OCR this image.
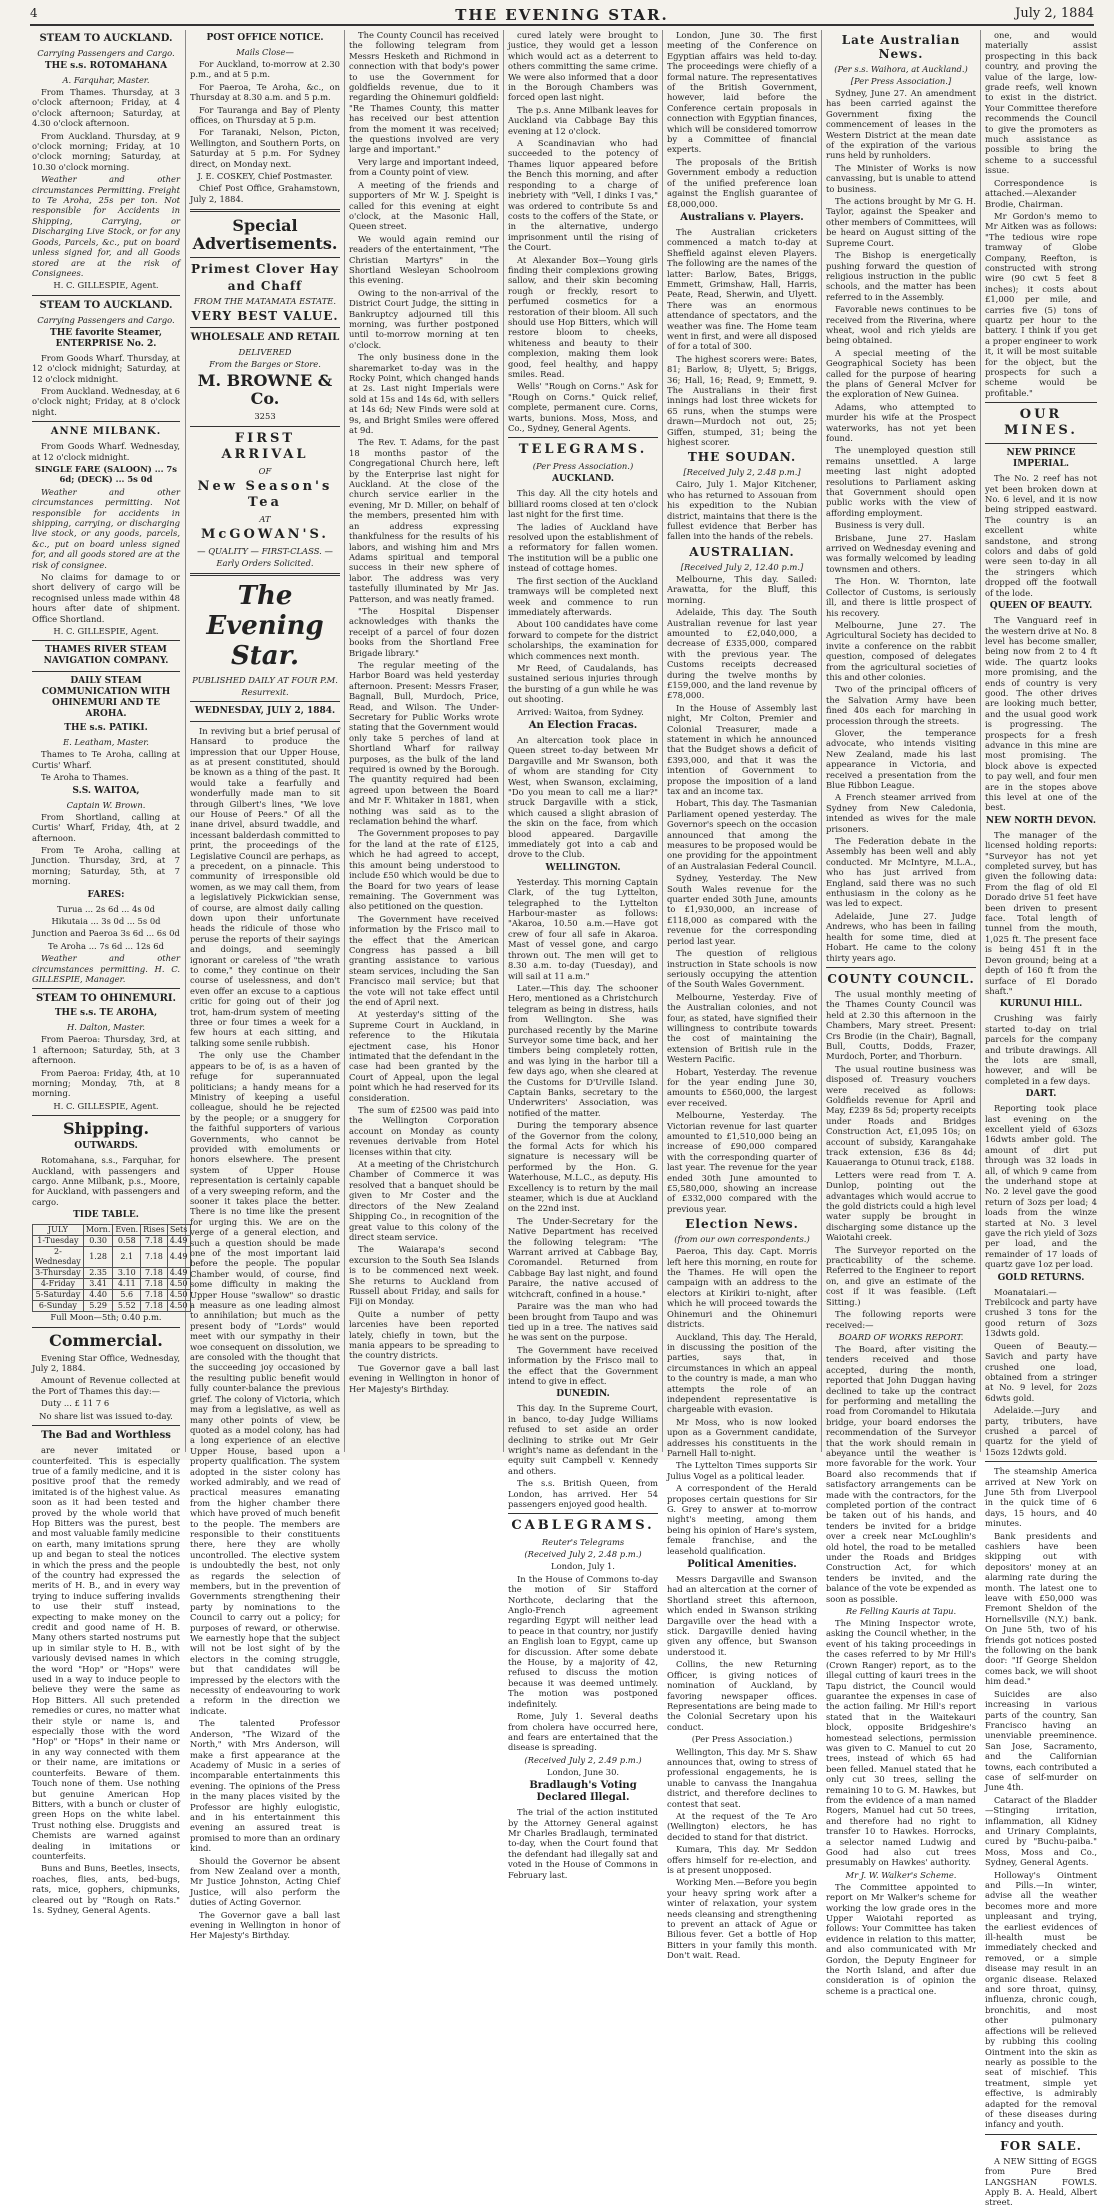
4	THE EVENING STAR.	July 2, 1884
STEAM TO AUCKLAND.
Carrying Passengers and Cargo.
THE s.s. ROTOMAHANA
A. Farquhar, Master.

From Thames. Thursday, at 3 o'clock afternoon; Friday, at 4 o'clock afternoon; Saturday, at 4.30 o'clock afternoon.

From Auckland. Thursday, at 9 o'clock morning; Friday, at 10 o'clock morning; Saturday, at 10.30 o'clock morning.

Weather and other circumstances Permitting. Freight to Te Aroha, 25s per ton. Not responsible for Accidents in Shipping, Carrying, or Discharging Live Stock, or for any Goods, Parcels, &c., put on board unless signed for, and all Goods stored are at the risk of Consignees.

H. C. GILLESPIE, Agent.

STEAM TO AUCKLAND.
Carrying Passengers and Cargo.
THE favorite Steamer, ENTERPRISE No. 2.

From Goods Wharf. Thursday, at 12 o'clock midnight; Saturday, at 12 o'clock midnight.

From Auckland. Wednesday, at 6 o'clock night; Friday, at 8 o'clock night.

ANNE MILBANK.

From Goods Wharf. Wednesday, at 12 o'clock midnight.

SINGLE FARE (SALOON) ... 7s 6d; (DECK) ... 5s 0d

Weather and other circumstances permitting. Not responsible for accidents in shipping, carrying, or discharging live stock, or any goods, parcels, &c., put on board unless signed for, and all goods stored are at the risk of consignee.

No claims for damage to or short delivery of cargo will be recognised unless made within 48 hours after date of shipment. Office Shortland.

H. C. GILLESPIE, Agent.

THAMES RIVER STEAM NAVIGATION COMPANY.
DAILY STEAM COMMUNICATION WITH OHINEMURI AND TE AROHA.
THE s.s. PATIKI.
E. Leatham, Master.

Thames to Te Aroha, calling at Curtis' Wharf.

Te Aroha to Thames.

S.S. WAITOA,
Captain W. Brown.

From Shortland, calling at Curtis' Wharf, Friday, 4th, at 2 afternoon.

From Te Aroha, calling at Junction. Thursday, 3rd, at 7 morning; Saturday, 5th, at 7 morning.

FARES:

Turua ... 2s 6d ... 4s 0d

Hikutaia ... 3s 0d ... 5s 0d

Junction and Paeroa 3s 6d ... 6s 0d

Te Aroha ... 7s 6d ... 12s 6d

Weather and other circumstances permitting. H. C. GILLESPIE, Manager.

STEAM TO OHINEMURI.
THE s.s. TE AROHA,
H. Dalton, Master.

From Paeroa: Thursday, 3rd, at 1 afternoon; Saturday, 5th, at 3 afternoon.

From Paeroa: Friday, 4th, at 10 morning; Monday, 7th, at 8 morning.

H. C. GILLESPIE, Agent.

Shipping.
OUTWARDS.

Rotomahana, s.s., Farquhar, for Auckland, with passengers and cargo. Anne Milbank, p.s., Moore, for Auckland, with passengers and cargo.

TIDE TABLE.
JULY	Morn.	Even.	Rises	Sets
1-Tuesday	0.30	0.58	7.18	4.49
2-Wednesday	1.28	2.1	7.18	4.49
3-Thursday	2.35	3.10	7.18	4.49
4-Friday	3.41	4.11	7.18	4.50
5-Saturday	4.40	5.6	7.18	4.50
6-Sunday	5.29	5.52	7.18	4.50

Full Moon—5th; 0.40 p.m.

Commercial.

Evening Star Office, Wednesday, July 2, 1884.

Amount of Revenue collected at the Port of Thames this day:—

Duty ... £ 11 7 6

No share list was issued to-day.

The Bad and Worthless

are never imitated or counterfeited. This is especially true of a family medicine, and it is positive proof that the remedy imitated is of the highest value. As soon as it had been tested and proved by the whole world that Hop Bitters was the purest, best and most valuable family medicine on earth, many imitations sprung up and began to steal the notices in which the press and the people of the country had expressed the merits of H. B., and in every way trying to induce suffering invalids to use their stuff instead, expecting to make money on the credit and good name of H. B. Many others started nostrums put up in similar style to H. B., with variously devised names in which the word "Hop" or "Hops" were used in a way to induce people to believe they were the same as Hop Bitters. All such pretended remedies or cures, no matter what their style or name is, and especially those with the word "Hop" or "Hops" in their name or in any way connected with them or their name, are imitations or counterfeits. Beware of them. Touch none of them. Use nothing but genuine American Hop Bitters, with a bunch or cluster of green Hops on the white label. Trust nothing else. Druggists and Chemists are warned against dealing in imitations or counterfeits.

Buns and Buns, Beetles, insects, roaches, flies, ants, bed-bugs, rats, mice, gophers, chipmunks, cleared out by "Rough on Rats." 1s. Sydney, General Agents.

POST OFFICE NOTICE.
Mails Close—

For Auckland, to-morrow at 2.30 p.m., and at 5 p.m.

For Paeroa, Te Aroha, &c., on Thursday at 8.30 a.m. and 5 p.m.

For Tauranga and Bay of Plenty offices, on Thursday at 5 p.m.

For Taranaki, Nelson, Picton, Wellington, and Southern Ports, on Saturday at 5 p.m. For Sydney direct, on Monday next.

J. E. COSKEY, Chief Postmaster.

Chief Post Office, Grahamstown, July 2, 1884.

Special Advertisements.
Primest Clover Hay
and Chaff
FROM THE MATAMATA ESTATE.
VERY BEST VALUE.
WHOLESALE AND RETAIL
DELIVERED
From the Barges or Store.
M. BROWNE & Co.

3253

FIRST ARRIVAL
OF
New Season's Tea
AT
McGOWAN'S.
— QUALITY — FIRST-CLASS. —
Early Orders Solicited.
The Evening Star.
PUBLISHED DAILY AT FOUR P.M.
Resurrexit.
WEDNESDAY, JULY 2, 1884.

In reviving but a brief perusal of Hansard to produce the impression that our Upper House, as at present constituted, should be known as a thing of the past. It would take a fearfully and wonderfully made man to sit through Gilbert's lines, "We love our House of Peers." Of all the inane drivel, absurd twaddle, and incessant balderdash committed to print, the proceedings of the Legislative Council are perhaps, as a precedent, on a pinnacle. This community of irresponsible old women, as we may call them, from a legislatively Pickwickian sense, of course, are almost daily calling down upon their unfortunate heads the ridicule of those who peruse the reports of their sayings and doings, and seemingly ignorant or careless of "the wrath to come," they continue on their course of uselessness, and don't even offer an excuse to a captious critic for going out of their jog trot, ham-drum system of meeting three or four times a week for a few hours at each sitting, and talking some senile rubbish.

The only use the Chamber appears to be of, is as a haven of refuge for superannuated politicians; a handy means for a Ministry of keeping a useful colleague, should he be rejected by the people; or a snuggery for the faithful supporters of various Governments, who cannot be provided with emoluments or honors elsewhere. The present system of Upper House representation is certainly capable of a very sweeping reform, and the sooner it takes place the better. There is no time like the present for urging this. We are on the verge of a general election, and such a question should be made one of the most important laid before the people. The popular Chamber would, of course, find some difficulty in making the Upper House "swallow" so drastic a measure as one leading almost to annihilation; but much as the present body of "Lords" would meet with our sympathy in their woe consequent on dissolution, we are consoled with the thought that the succeeding joy occasioned by the resulting public benefit would fully counter-balance the previous grief. The colony of Victoria, which may from a legislative, as well as many other points of view, be quoted as a model colony, has had a long experience of an elective Upper House, based upon a property qualification. The system adopted in the sister colony has worked admirably, and we read of practical measures emanating from the higher chamber there which have proved of much benefit to the people. The members are responsible to their constituents there, here they are wholly uncontrolled. The elective system is undoubtedly the best, not only as regards the selection of members, but in the prevention of Governments strengthening their party by nominations to the Council to carry out a policy; for purposes of reward, or otherwise. We earnestly hope that the subject will not be lost sight of by the electors in the coming struggle, but that candidates will be impressed by the electors with the necessity of endeavouring to work a reform in the direction we indicate.

The talented Professor Anderson, "The Wizard of the North," with Mrs Anderson, will make a first appearance at the Academy of Music in a series of incomparable entertainments this evening. The opinions of the Press in the many places visited by the Professor are highly eulogistic, and in his entertainment this evening an assured treat is promised to more than an ordinary kind.

Should the Governor be absent from New Zealand over a month, Mr Justice Johnston, Acting Chief Justice, will also perform the duties of Acting Governor.

The Governor gave a ball last evening in Wellington in honor of Her Majesty's Birthday.

The County Council has received the following telegram from Messrs Hesketh and Richmond in connection with that body's power to use the Government for goldfields revenue, due to it regarding the Ohinemuri goldfield: "Re Thames County, this matter has received our best attention from the moment it was received; the questions involved are very large and important."

Very large and important indeed, from a County point of view.

A meeting of the friends and supporters of Mr W. J. Speight is called for this evening at eight o'clock, at the Masonic Hall, Queen street.

We would again remind our readers of the entertainment, "The Christian Martyrs" in the Shortland Wesleyan Schoolroom this evening.

Owing to the non-arrival of the District Court Judge, the sitting in Bankruptcy adjourned till this morning, was further postponed until to-morrow morning at ten o'clock.

The only business done in the sharemarket to-day was in the Rocky Point, which changed hands at 2s. Last night Imperials were sold at 15s and 14s 6d, with sellers at 14s 6d; New Finds were sold at 9s, and Bright Smiles were offered at 9d.

The Rev. T. Adams, for the past 18 months pastor of the Congregational Church here, left by the Enterprise last night for Auckland. At the close of the church service earlier in the evening, Mr D. Miller, on behalf of the members, presented him with an address expressing thankfulness for the results of his labors, and wishing him and Mrs Adams spiritual and temporal success in their new sphere of labor. The address was very tastefully illuminated by Mr Jas. Patterson, and was neatly framed.

"The Hospital Dispenser acknowledges with thanks the receipt of a parcel of four dozen books from the Shortland Free Brigade library."

The regular meeting of the Harbor Board was held yesterday afternoon. Present: Messrs Fraser, Bagnall, Bull, Murdoch, Price, Read, and Wilson. The Under-Secretary for Public Works wrote stating that the Government would only take 5 perches of land at Shortland Wharf for railway purposes, as the bulk of the land required is owned by the Borough. The quantity required had been agreed upon between the Board and Mr F. Whitaker in 1881, when nothing was said as to the reclamation behind the wharf.

The Government proposes to pay for the land at the rate of £125, which he had agreed to accept, this amount being understood to include £50 which would be due to the Board for two years of lease remaining. The Government was also petitioned on the question.

The Government have received information by the Frisco mail to the effect that the American Congress has passed a bill granting assistance to various steam services, including the San Francisco mail service; but that the vote will not take effect until the end of April next.

At yesterday's sitting of the Supreme Court in Auckland, in reference to the Hikutaia ejectment case, his Honor intimated that the defendant in the case had been granted by the Court of Appeal, upon the legal point which he had reserved for its consideration.

The sum of £2500 was paid into the Wellington Corporation account on Monday as county revenues derivable from Hotel licenses within that city.

At a meeting of the Christchurch Chamber of Commerce it was resolved that a banquet should be given to Mr Coster and the directors of the New Zealand Shipping Co., in recognition of the great value to this colony of the direct steam service.

The Waiarapa's second excursion to the South Sea Islands is to be commenced next week. She returns to Auckland from Russell about Friday, and sails for Fiji on Monday.

Quite a number of petty larcenies have been reported lately, chiefly in town, but the mania appears to be spreading to the country districts.

Tue Governor gave a ball last evening in Wellington in honor of Her Majesty's Birthday.

cured lately were brought to justice, they would get a lesson which would act as a deterrent to others committing the same crime. We were also informed that a door in the Borough Chambers was forced open last night.

The p.s. Anne Milbank leaves for Auckland via Cabbage Bay this evening at 12 o'clock.

A Scandinavian who had succeeded to the potency of Thames liquor appeared before the Bench this morning, and after responding to a charge of inebriety with "Vell, I dinks I vas," was ordered to contribute 5s and costs to the coffers of the State, or in the alternative, undergo imprisonment until the rising of the Court.

At Alexander Box—Young girls finding their complexions growing sallow, and their skin becoming rough or freckly, resort to perfumed cosmetics for a restoration of their bloom. All such should use Hop Bitters, which will restore bloom to cheeks, whiteness and beauty to their complexion, making them look good, feel healthy, and happy smiles. Read.

Wells' "Rough on Corns." Ask for "Rough on Corns." Quick relief, complete, permanent cure. Corns, warts, bunions. Moss, Moss, and Co., Sydney, General Agents.

TELEGRAMS.
(Per Press Association.)
AUCKLAND.

This day. All the city hotels and billiard rooms closed at ten o'clock last night for the first time.

The ladies of Auckland have resolved upon the establishment of a reformatory for fallen women. The institution will be a public one instead of cottage homes.

The first section of the Auckland tramways will be completed next week and commence to run immediately afterwards.

About 100 candidates have come forward to compete for the district scholarships, the examination for which commences next month.

Mr Reed, of Caudalands, has sustained serious injuries through the bursting of a gun while he was out shooting.

Arrived: Waitoa, from Sydney.

An Election Fracas.

An altercation took place in Queen street to-day between Mr Dargaville and Mr Swanson, both of whom are standing for City West, when Swanson, exclaiming, "Do you mean to call me a liar?" struck Dargaville with a stick, which caused a slight abrasion of the skin on the face, from which blood appeared. Dargaville immediately got into a cab and drove to the Club.

WELLINGTON.

Yesterday. This morning Captain Clark, of the tug Lyttelton, telegraphed to the Lyttelton Harbour-master as follows: "Akaroa, 10.50 a.m.—Have got crew of four all safe in Akaroa. Mast of vessel gone, and cargo thrown out. The men will get to 8.30 a.m. to-day (Tuesday), and will sail at 11 a.m."

Later.—This day. The schooner Hero, mentioned as a Christchurch telegram as being in distress, hails from Wellington. She was purchased recently by the Marine Surveyor some time back, and her timbers being completely rotten, and was lying in the harbor till a few days ago, when she cleared at the Customs for D'Urville Island. Captain Banks, secretary to the Underwriters' Association, was notified of the matter.

During the temporary absence of the Governor from the colony, the formal Acts for which his signature is necessary will be performed by the Hon. G. Waterhouse, M.L.C., as deputy. His Excellency is to return by the mail steamer, which is due at Auckland on the 22nd inst.

The Under-Secretary for the Native Department has received the following telegram: "The Warrant arrived at Cabbage Bay, Coromandel. Returned from Cabbage Bay last night, and found Paraire, the native accused of witchcraft, confined in a house."

Paraire was the man who had been brought from Taupo and was tied up in a tree. The natives said he was sent on the purpose.

The Government have received information by the Frisco mail to the effect that the Government intend to give in effect.

DUNEDIN.

This day. In the Supreme Court, in banco, to-day Judge Williams refused to set aside an order declining to strike out Mr Geir wright's name as defendant in the equity suit Campbell v. Kennedy and others.

The s.s. British Queen, from London, has arrived. Her 54 passengers enjoyed good health.

CABLEGRAMS.
Reuter's Telegrams
(Received July 2, 2.48 p.m.)

London, July 1.

In the House of Commons to-day the motion of Sir Stafford Northcote, declaring that the Anglo-French agreement regarding Egypt will neither lead to peace in that country, nor justify an English loan to Egypt, came up for discussion. After some debate the House, by a majority of 42, refused to discuss the motion because it was deemed untimely. The motion was postponed indefinitely.

Rome, July 1. Several deaths from cholera have occurred here, and fears are entertained that the disease is spreading.

(Received July 2, 2.49 p.m.)

London, June 30.

Bradlaugh's Voting Declared Illegal.

The trial of the action instituted by the Attorney General against Mr Charles Bradlaugh, terminated to-day, when the Court found that the defendant had illegally sat and voted in the House of Commons in February last.

London, June 30. The first meeting of the Conference on Egyptian affairs was held to-day. The proceedings were chiefly of a formal nature. The representatives of the British Government, however, laid before the Conference certain proposals in connection with Egyptian finances, which will be considered tomorrow by a Committee of financial experts.

The proposals of the British Government embody a reduction of the unified preference loan against the English guarantee of £8,000,000.

Australians v. Players.

The Australian cricketers commenced a match to-day at Sheffield against eleven Players. The following are the names of the latter: Barlow, Bates, Briggs, Emmett, Grimshaw, Hall, Harris, Peate, Read, Sherwin, and Ulyett. There was an enormous attendance of spectators, and the weather was fine. The Home team went in first, and were all disposed of for a total of 300.

The highest scorers were: Bates, 81; Barlow, 8; Ulyett, 5; Briggs, 36; Hall, 16; Read, 9; Emmett, 9. The Australians in their first innings had lost three wickets for 65 runs, when the stumps were drawn—Murdoch not out, 25; Giffen, stumped, 31; being the highest scorer.

THE SOUDAN.
[Received July 2, 2.48 p.m.]

Cairo, July 1. Major Kitchener, who has returned to Assouan from his expedition to the Nubian district, maintains that there is the fullest evidence that Berber has fallen into the hands of the rebels.

AUSTRALIAN.
[Received July 2, 12.40 p.m.]

Melbourne, This day. Sailed: Arawatta, for the Bluff, this morning.

Adelaide, This day. The South Australian revenue for last year amounted to £2,040,000, a decrease of £335,000, compared with the previous year. The Customs receipts decreased during the twelve months by £159,000, and the land revenue by £78,000.

In the House of Assembly last night, Mr Colton, Premier and Colonial Treasurer, made a statement in which he announced that the Budget shows a deficit of £393,000, and that it was the intention of Government to propose the imposition of a land tax and an income tax.

Hobart, This day. The Tasmanian Parliament opened yesterday. The Governor's speech on the occasion announced that among the measures to be proposed would be one providing for the appointment of an Australasian Federal Council.

Sydney, Yesterday. The New South Wales revenue for the quarter ended 30th June, amounts to £1,930,000, an increase of £118,000 as compared with the revenue for the corresponding period last year.

The question of religious instruction in State schools is now seriously occupying the attention of the South Wales Government.

Melbourne, Yesterday. Five of the Australian colonies, and not four, as stated, have signified their willingness to contribute towards the cost of maintaining the extension of British rule in the Western Pacific.

Hobart, Yesterday. The revenue for the year ending June 30, amounts to £560,000, the largest ever received.

Melbourne, Yesterday. The Victorian revenue for last quarter amounted to £1,510,000 being an increase of £90,000 compared with the corresponding quarter of last year. The revenue for the year ended 30th June amounted to £5,580,000, showing an increase of £332,000 compared with the previous year.

Election News.
(from our own correspondents.)

Paeroa, This day. Capt. Morris left here this morning, en route for the Thames. He will open the campaign with an address to the electors at Kirikiri to-night, after which he will proceed towards the Ohinemuri and the Ohinemuri districts.

Auckland, This day. The Herald, in discussing the position of the parties, says that, in circumstances in which an appeal to the country is made, a man who attempts the role of an independent representative is chargeable with evasion.

Mr Moss, who is now looked upon as a Government candidate, addresses his constituents in the Parnell Hall to-night.

The Lyttelton Times supports Sir Julius Vogel as a political leader.

A correspondent of the Herald proposes certain questions for Sir G. Grey to answer at to-morrow night's meeting, among them being his opinion of Hare's system, female franchise, and the leasehold qualification.

Political Amenities.

Messrs Dargaville and Swanson had an altercation at the corner of Shortland street this afternoon, which ended in Swanson striking Dargaville over the head with a stick. Dargaville denied having given any offence, but Swanson understood it.

Collins, the new Returning Officer, is giving notices of nomination of Auckland, by favoring newspaper offices. Representations are being made to the Colonial Secretary upon his conduct.

(Per Press Association.)

Wellington, This day. Mr S. Shaw announces that, owing to stress of professional engagements, he is unable to canvass the Inangahua district, and therefore declines to contest that seat.

At the request of the Te Aro (Wellington) electors, he has decided to stand for that district.

Kumara, This day. Mr Seddon offers himself for re-election, and is at present unopposed.

Working Men.—Before you begin your heavy spring work after a winter of relaxation, your system needs cleansing and strengthening to prevent an attack of Ague or Bilious fever. Get a bottle of Hop Bitters in your family this month. Don't wait. Read.

Late Australian News.
(Per s.s. Waihora, at Auckland.)
[Per Press Association.]

Sydney, June 27. An amendment has been carried against the Government fixing the commencement of leases in the Western District at the mean date of the expiration of the various runs held by runholders.

The Minister of Works is now canvassing, but is unable to attend to business.

The actions brought by Mr G. H. Taylor, against the Speaker and other members of Committees, will be heard on August sitting of the Supreme Court.

The Bishop is energetically pushing forward the question of religious instruction in the public schools, and the matter has been referred to in the Assembly.

Favorable news continues to be received from the Riverina, where wheat, wool and rich yields are being obtained.

A special meeting of the Geographical Society has been called for the purpose of hearing the plans of General McIver for the exploration of New Guinea.

Adams, who attempted to murder his wife at the Prospect waterworks, has not yet been found.

The unemployed question still remains unsettled. A large meeting last night adopted resolutions to Parliament asking that Government should open public works with the view of affording employment.

Business is very dull.

Brisbane, June 27. Haslam arrived on Wednesday evening and was formally welcomed by leading townsmen and others.

The Hon. W. Thornton, late Collector of Customs, is seriously ill, and there is little prospect of his recovery.

Melbourne, June 27. The Agricultural Society has decided to invite a conference on the rabbit question, composed of delegates from the agricultural societies of this and other colonies.

Two of the principal officers of the Salvation Army have been fined 40s each for marching in procession through the streets.

Glover, the temperance advocate, who intends visiting New Zealand, made his last appearance in Victoria, and received a presentation from the Blue Ribbon League.

A French steamer arrived from Sydney from New Caledonia, intended as wives for the male prisoners.

The Federation debate in the Assembly has been well and ably conducted. Mr McIntyre, M.L.A., who has just arrived from England, said there was no such enthusiasm in the colony as he was led to expect.

Adelaide, June 27. Judge Andrews, who has been in failing health for some time, died at Hobart. He came to the colony thirty years ago.

COUNTY COUNCIL.

The usual monthly meeting of the Thames County Council was held at 2.30 this afternoon in the Chambers, Mary street. Present: Crs Brodie (in the Chair), Bagnall, Bull, Coutts, Dodds, Frazer, Murdoch, Porter, and Thorburn.

The usual routine business was disposed of. Treasury vouchers were received as follows: Goldfields revenue for April and May, £239 8s 5d; property receipts under Roads and Bridges Construction Act, £1,095 10s; on account of subsidy, Karangahake track extension, £36 8s 4d; Kauaeranga to Otunui track, £188.

Letters were read from T. A. Dunlop, pointing out the advantages which would accrue to the gold districts could a high level water supply be brought in discharging some distance up the Waiotahi creek.

The Surveyor reported on the practicability of the scheme. Referred to the Engineer to report on, and give an estimate of the cost if it was feasible. (Left Sitting.)

The following reports were received:—

BOARD OF WORKS REPORT.

The Board, after visiting the tenders received and those accepted, during the month, reported that John Duggan having declined to take up the contract for performing and metalling the road from Coromandel to Hikutaia bridge, your board endorses the recommendation of the Surveyor that the work should remain in abeyance until the weather is more favorable for the work. Your Board also recommends that if satisfactory arrangements can be made with the contractors, for the completed portion of the contract be taken out of his hands, and tenders be invited for a bridge over a creek near McLoughlin's old hotel, the road to be metalled under the Roads and Bridges Construction Act, for which tenders be invited, and the balance of the vote be expended as soon as possible.

Re Felling Kauris at Tapu.

The Mining Inspector wrote, asking the Council whether, in the event of his taking proceedings in the cases referred to by Mr Hill's (Crown Ranger) report, as to the illegal cutting of kauri trees in the Tapu district, the Council would guarantee the expenses in case of the action failing. Mr Hill's report stated that in the Waitekauri block, opposite Bridgeshire's homestead selections, permission was given to C. Manuel to cut 20 trees, instead of which 65 had been felled. Manuel stated that he only cut 30 trees, selling the remaining 10 to G. M. Hawkes, but from the evidence of a man named Rogers, Manuel had cut 50 trees, and therefore had no right to transfer 10 to Hawkes. Horrocks, a selector named Ludwig and Good had also cut trees presumably on Hawkes' authority.

Mr J. W. Walker's Scheme.

The Committee appointed to report on Mr Walker's scheme for working the low grade ores in the Upper Waiotahi reported as follows: Your Committee has taken evidence in relation to this matter, and also communicated with Mr Gordon, the Deputy Engineer for the North Island, and after due consideration is of opinion the scheme is a practical one.

one, and would materially assist prospecting in this back country, and proving the value of the large, low-grade reefs, well known to exist in the district. Your Committee therefore recommends the Council to give the promoters as much assistance as possible to bring the scheme to a successful issue.

Correspondence is attached.—Alexander Brodie, Chairman.

Mr Gordon's memo to Mr Aitken was as follows: "The tedious wire rope tramway of Globe Company, Reefton, is constructed with strong wire (90 cwt 5 feet 8 inches); it costs about £1,000 per mile, and carries five (5) tons of quartz per hour to the battery. I think if you get a proper engineer to work it, it will be most suitable for the object, but the prospects for such a scheme would be profitable."

OUR MINES.
NEW PRINCE IMPERIAL.

The No. 2 reef has not yet been broken down at No. 6 level, and it is now being stripped eastward. The country is an excellent white sandstone, and strong colors and dabs of gold were seen to-day in all the stringers which dropped off the footwall of the lode.

QUEEN OF BEAUTY.

The Vanguard reef in the western drive at No. 8 level has become smaller, being now from 2 to 4 ft wide. The quartz looks more promising, and the ends of country is very good. The other drives are looking much better, and the usual good work is progressing. The prospects for a fresh advance in this mine are most promising. The block above is expected to pay well, and four men are in the stopes above this level at one of the best.

NEW NORTH DEVON.

The manager of the licensed holding reports: "Surveyor has not yet completed survey, but has given the following data: From the flag of old El Dorado drive 51 feet have been driven to present face. Total length of tunnel from the mouth, 1,025 ft. The present face is being 451 ft in the Devon ground; being at a depth of 160 ft from the surface of El Dorado shaft."

KURUNUI HILL.

Crushing was fairly started to-day on trial parcels for the company and tribute drawings. All the lots are small, however, and will be completed in a few days.

DART.

Reporting took place last evening on the excellent yield of 63ozs 16dwts amber gold. The amount of dirt put through was 32 loads in all, of which 9 came from the underhand stope at No. 2 level gave the good return of 3ozs per load; 4 loads from the winze started at No. 3 level gave the rich yield of 3ozs per load, and the remainder of 17 loads of quartz gave 1oz per load.

GOLD RETURNS.

Moanataiari.—Trebilcock and party have crushed 3 tons for the good return of 3ozs 13dwts gold.

Queen of Beauty.—Savich and party have crushed one load, obtained from a stringer at No. 9 level, for 2ozs 6dwts gold.

Adelaide.—Jury and party, tributers, have crushed a parcel of quartz for the yield of 15ozs 12dwts gold.

The steamship America arrived at New York on June 5th from Liverpool in the quick time of 6 days, 15 hours, and 40 minutes.

Bank presidents and cashiers have been skipping out with depositors' money at an alarming rate during the month. The latest one to leave with £50,000 was Fremont Sheldon of the Hornellsville (N.Y.) bank. On June 5th, two of his friends got notices posted the following on the bank door: "If George Sheldon comes back, we will shoot him dead."

Suicides are also increasing in various parts of the country, San Francisco having an unenviable preeminence. San Jose, Sacramento, and the Californian towns, each contributed a case of self-murder on June 4th.

Cataract of the Bladder—Stinging irritation, inflammation, all Kidney and Urinary Complaints, cured by "Buchu-paiba." Moss, Moss and Co., Sydney, General Agents.

Holloway's Ointment and Pills.—In winter, advise all the weather becomes more and more unpleasant and trying, the earliest evidences of ill-health must be immediately checked and removed, or a simple disease may result in an organic disease. Relaxed and sore throat, quinsy, influenza, chronic cough, bronchitis, and most other pulmonary affections will be relieved by rubbing this cooling Ointment into the skin as nearly as possible to the seat of mischief. This treatment, simple yet effective, is admirably adapted for the removal of these diseases during infancy and youth.

FOR SALE.

A NEW Sitting of EGGS from Pure Bred LANGSHAN FOWLS. Apply B. A. Heald, Albert street.
